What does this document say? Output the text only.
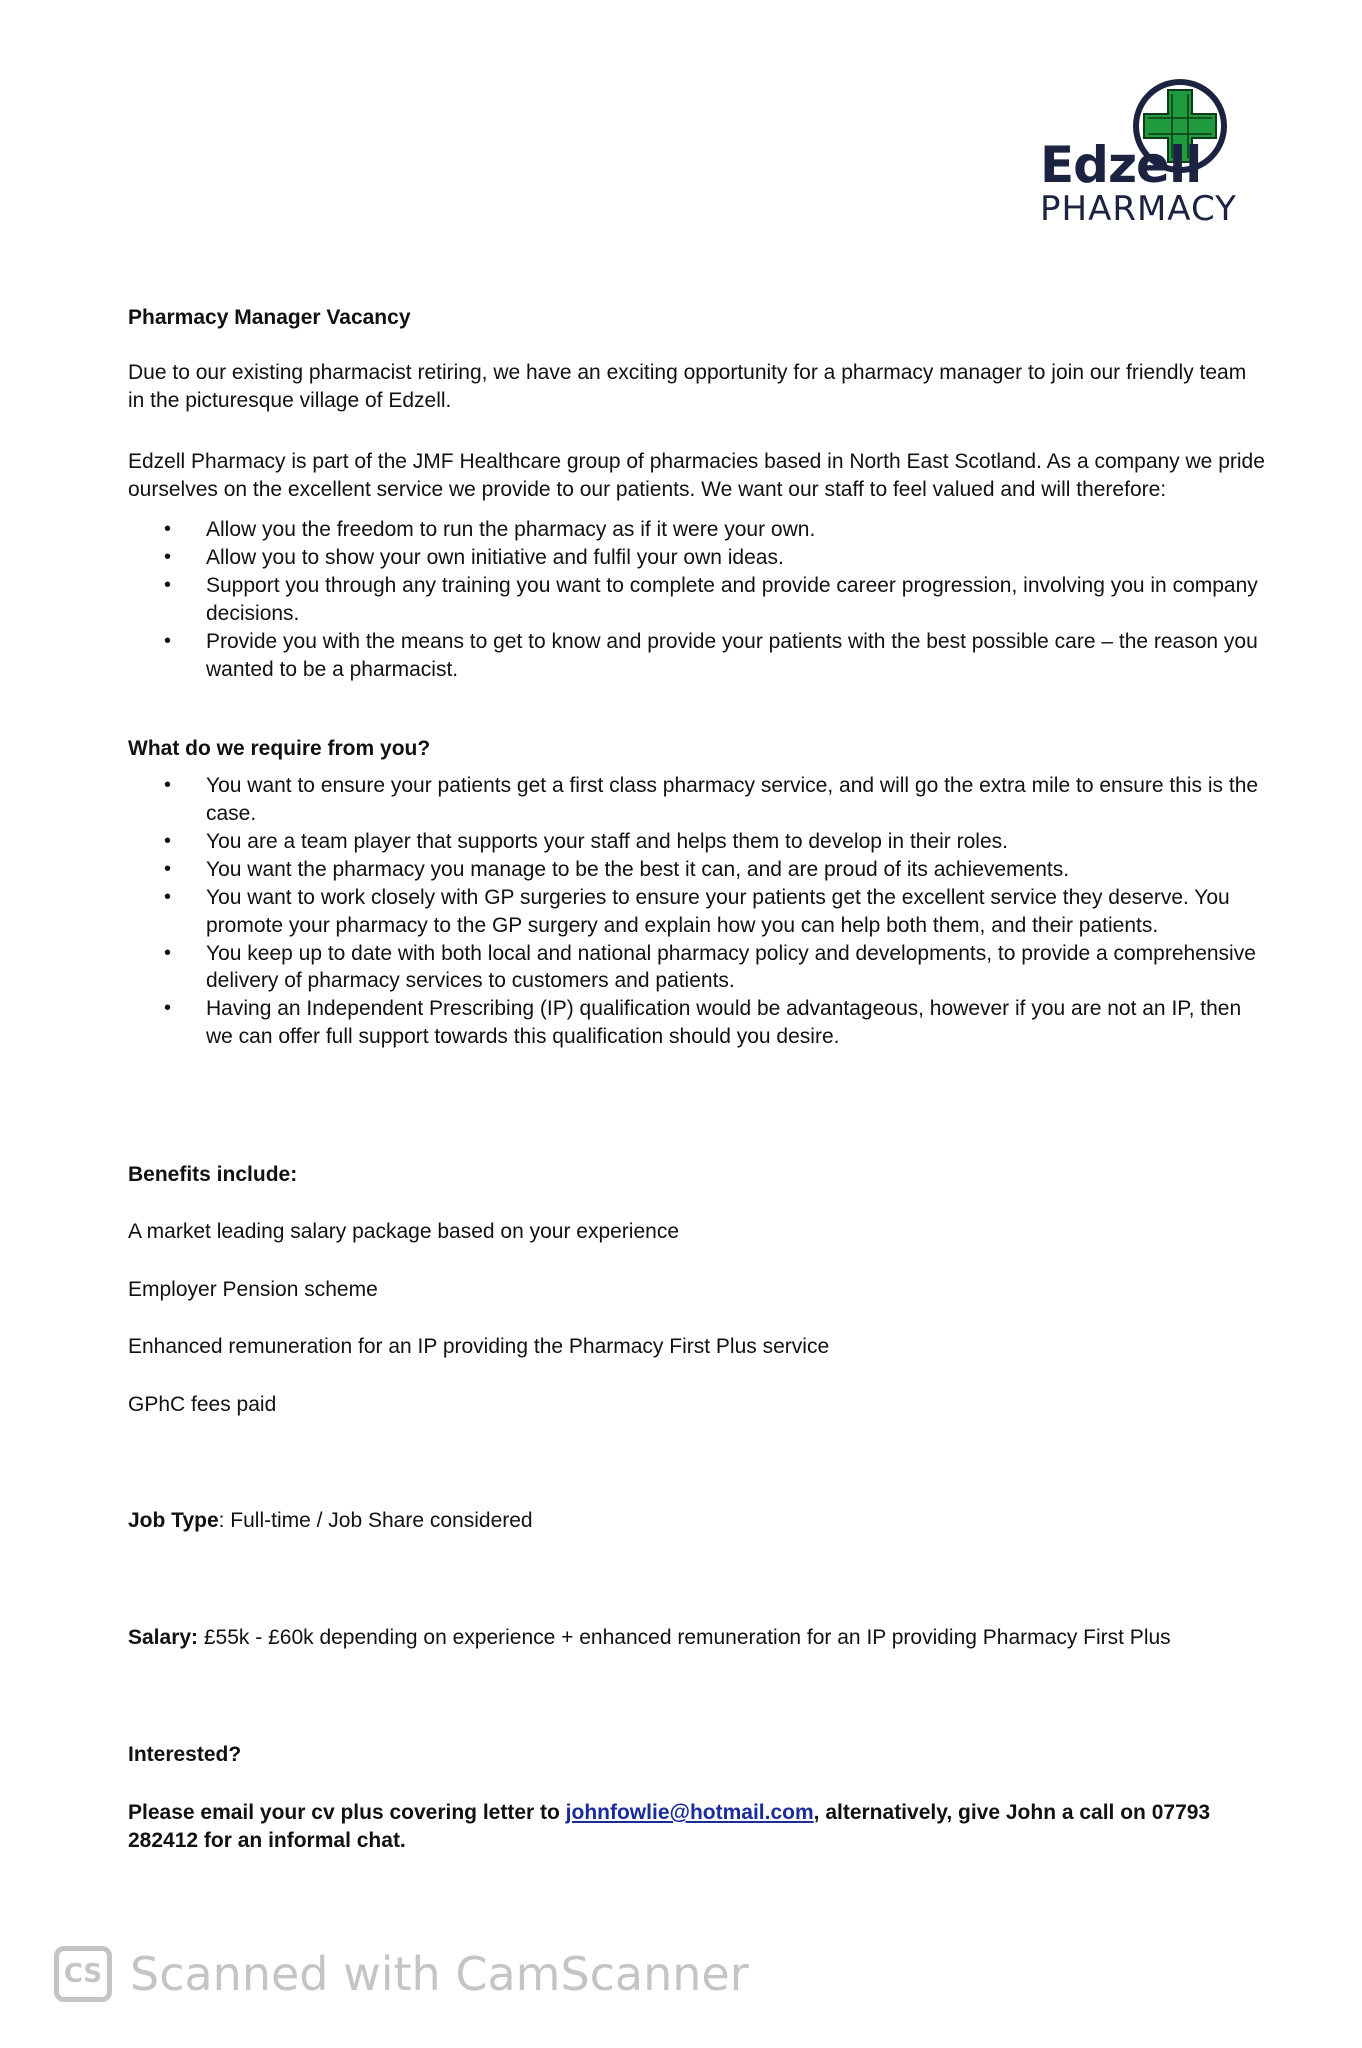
Edzell
PHARMACY

Pharmacy Manager Vacancy

Due to our existing pharmacist retiring, we have an exciting opportunity for a pharmacy manager to join our friendly team in the picturesque village of Edzell.

Edzell Pharmacy is part of the JMF Healthcare group of pharmacies based in North East Scotland. As a company we pride ourselves on the excellent service we provide to our patients. We want our staff to feel valued and will therefore:

• Allow you the freedom to run the pharmacy as if it were your own.
• Allow you to show your own initiative and fulfil your own ideas.
• Support you through any training you want to complete and provide career progression, involving you in company decisions.
• Provide you with the means to get to know and provide your patients with the best possible care – the reason you wanted to be a pharmacist.

What do we require from you?

• You want to ensure your patients get a first class pharmacy service, and will go the extra mile to ensure this is the case.
• You are a team player that supports your staff and helps them to develop in their roles.
• You want the pharmacy you manage to be the best it can, and are proud of its achievements.
• You want to work closely with GP surgeries to ensure your patients get the excellent service they deserve. You promote your pharmacy to the GP surgery and explain how you can help both them, and their patients.
• You keep up to date with both local and national pharmacy policy and developments, to provide a comprehensive delivery of pharmacy services to customers and patients.
• Having an Independent Prescribing (IP) qualification would be advantageous, however if you are not an IP, then we can offer full support towards this qualification should you desire.

Benefits include:

A market leading salary package based on your experience

Employer Pension scheme

Enhanced remuneration for an IP providing the Pharmacy First Plus service

GPhC fees paid

Job Type: Full-time / Job Share considered

Salary: £55k - £60k depending on experience + enhanced remuneration for an IP providing Pharmacy First Plus

Interested?

Please email your cv plus covering letter to johnfowlie@hotmail.com, alternatively, give John a call on 07793 282412 for an informal chat.

CS Scanned with CamScanner
